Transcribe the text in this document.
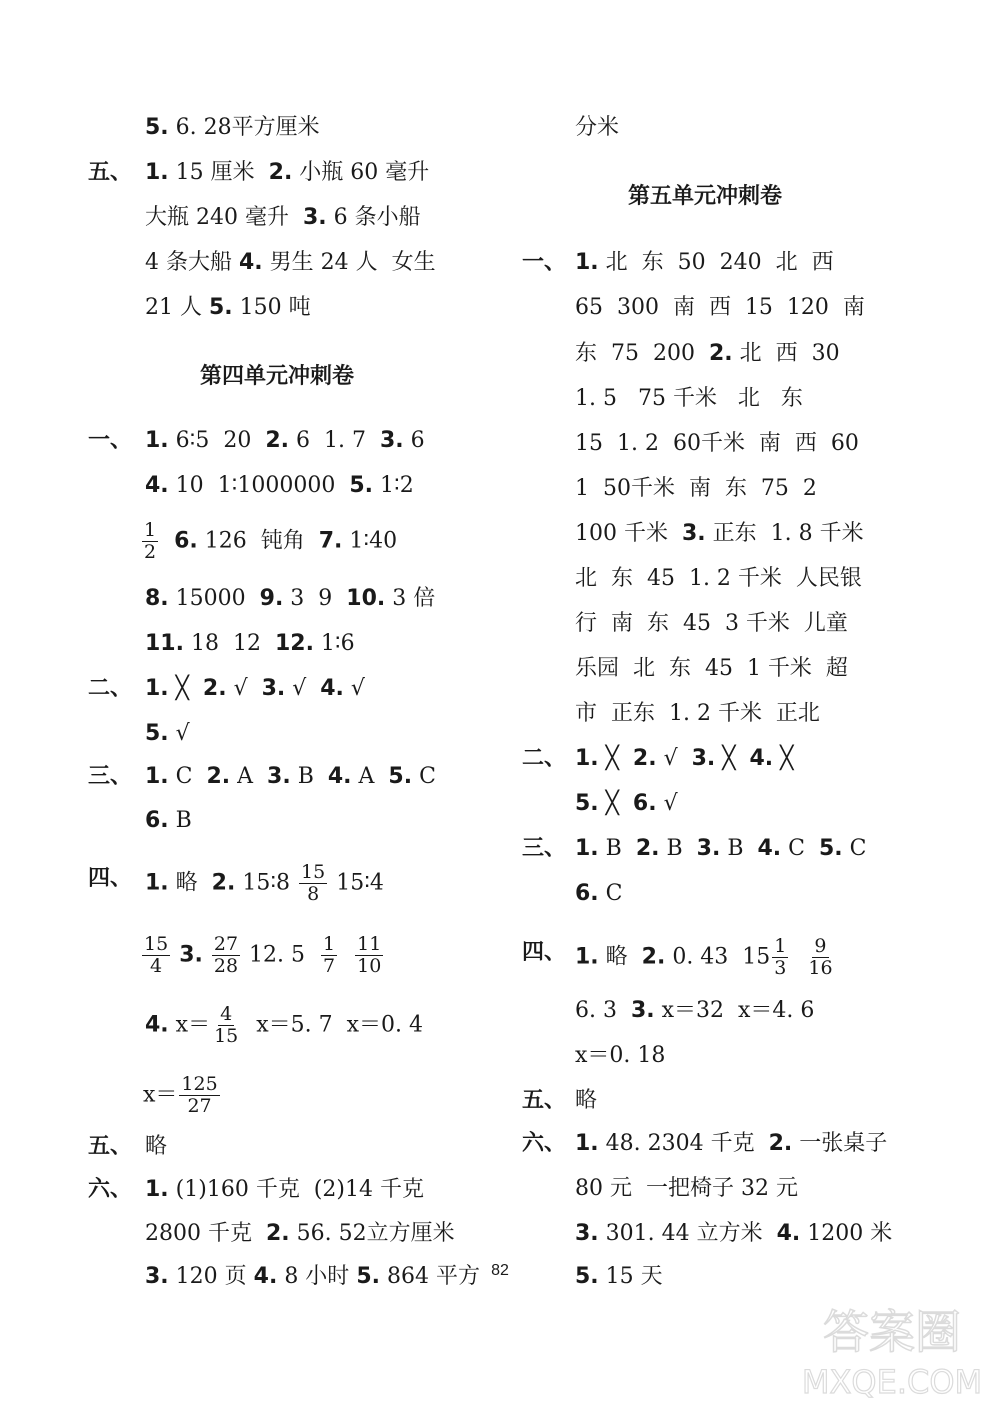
5. 6. 28平方厘米
五、 1. 15 厘米  2. 小瓶 60 毫升
大瓶 240 毫升  3. 6 条小船
4 条大船 4. 男生 24 人  女生
21 人 5. 150 吨
第四单元冲刺卷
一、 1. 6∶5  20  2. 6  1. 7  3. 6
4. 10  1∶1000000  5. 1∶2
$\frac{1}{2} 6$. 126  钝角  7. 1∶40
8. 15000  9. 3  9  10. 3 倍
11. 18  12  12. 1∶6
二、 1. ╳  2. √  3. √  4. √
5. √
三、 1. C  2. A  3. B  4. A  5. C
6. B
四、 1. 略  2. 15∶8 $\frac{15}{8}$ 15∶4
$\frac{15}{4} 3$. $\frac{27}{28} 12$. $5 \frac{1}{7}$
$\frac{11}{10}$
4. $x= \frac{4}{15} x=5$. 7  x＝0. 4
$x= \frac{125}{27}$
五、 略
六、 1. (1)160 千克  (2)14 千克
2800 千克  2. 56. 52立方厘米
3. 120 页 4. 8 小时 5. 864 平方
分米
第五单元冲刺卷
一、 1. 北  东  50  240  北  西
65  300  南  西  15  120  南
东  75  200  2. 北  西  30
1. 5   75 千米   北   东
15  1. 2  60千米  南  西  60
1  50千米  南  东  75  2
100 千米  3. 正东  1. 8 千米
北  东  45  1. 2 千米  人民银
行  南  东  45  3 千米  儿童
乐园  北  东  45  1 千米  超
市  正东  1. 2 千米  正北
二、 1. ╳  2. √  3. ╳  4. ╳
5. ╳  6. √
三、 1. B  2. B  3. B  4. C  5. C
6. C
四、 1. 略  2. 0. 43  $15 \frac{1}{3}$
$\frac{9}{16}$
6. 3  3. x＝32  x＝4. 6
x＝0. 18
五、 略
六、 1. 48. 2304 千克  2. 一张桌子
80 元  一把椅子 32 元
3. 301. 44 立方米  4. 1200 米
5. 15 天
82
答案圈
MXQE.COM
